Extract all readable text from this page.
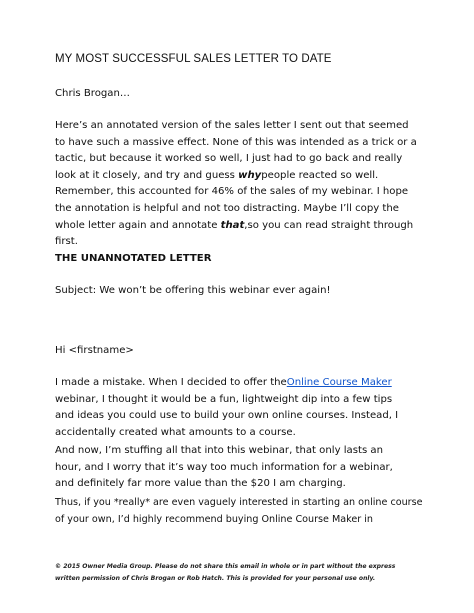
MY MOST SUCCESSFUL SALES LETTER TO DATE
Chris Brogan…
Here’s an annotated version of the sales letter I sent out that seemed
to have such a massive effect. None of this was intended as a trick or a
tactic, but because it worked so well, I just had to go back and really
look at it closely, and try and guess whypeople reacted so well.
Remember, this accounted for 46% of the sales of my webinar. I hope
the annotation is helpful and not too distracting. Maybe I’ll copy the
whole letter again and annotate that,so you can read straight through
first.
THE UNANNOTATED LETTER
Subject: We won’t be offering this webinar ever again!
Hi <firstname>
I made a mistake. When I decided to offer theOnline Course Maker
webinar, I thought it would be a fun, lightweight dip into a few tips
and ideas you could use to build your own online courses. Instead, I
accidentally created what amounts to a course.
And now, I’m stuffing all that into this webinar, that only lasts an
hour, and I worry that it’s way too much information for a webinar,
and definitely far more value than the $20 I am charging.
Thus, if you *really* are even vaguely interested in starting an online course
of your own, I’d highly recommend buying Online Course Maker in
© 2015 Owner Media Group. Please do not share this email in whole or in part without the express
written permission of Chris Brogan or Rob Hatch. This is provided for your personal use only.
